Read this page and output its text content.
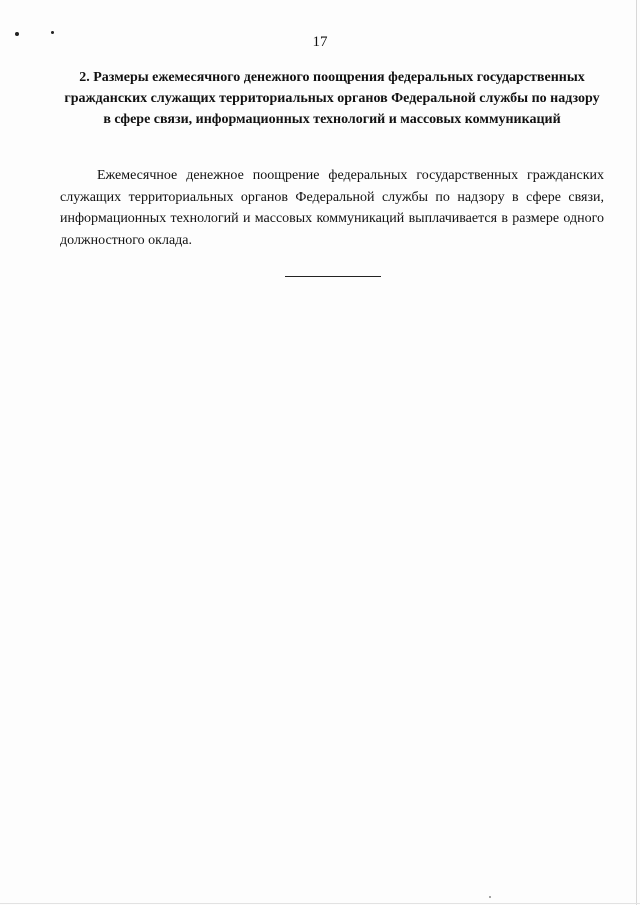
17
2. Размеры ежемесячного денежного поощрения федеральных государственных гражданских служащих территориальных органов Федеральной службы по надзору в сфере связи, информационных технологий и массовых коммуникаций

Ежемесячное денежное поощрение федеральных государственных гражданских служащих территориальных органов Федеральной службы по надзору в сфере связи, информационных технологий и массовых коммуникаций выплачивается в размере одного должностного оклада.
